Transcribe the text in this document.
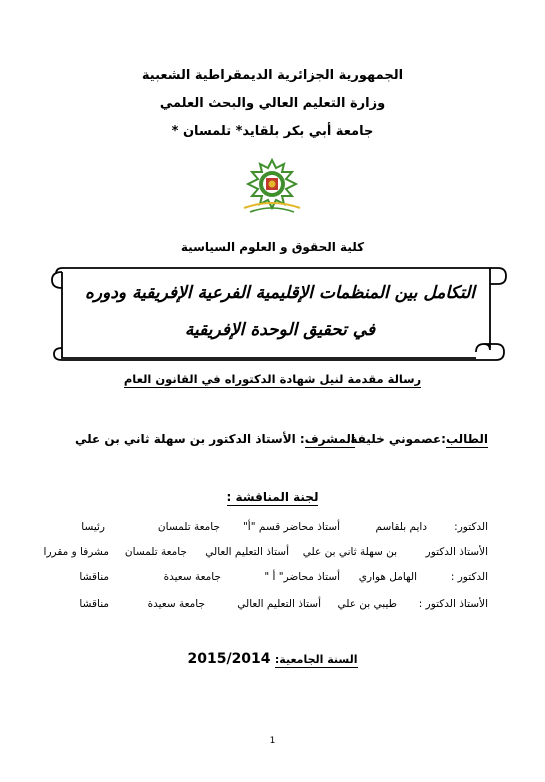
الجمهورية الجزائرية الديمقراطية الشعبية
وزارة التعليم العالي والبحث العلمي
جامعة أبي بكر بلقايد* تلمسان *
كلية الحقوق و العلوم السياسية
التكامل بين المنظمات الإقليمية الفرعية الإفريقية ودوره
في تحقيق الوحدة الإفريقية
رسالة مقدمة لنيل شهادة الدكتوراه في القانون العام
الطالب:عصموني خليفة
المشرف: الأستاذ الدكتور بن سهلة ثاني بن علي
لجنة المناقشة :
الدكتور:
دايم بلقاسم
أستاذ محاضر قسم "أ"
جامعة تلمسان
رئيسا
الأستاذ الدكتور
بن سهلة ثاني بن علي
أستاذ التعليم العالي
جامعة تلمسان
مشرفا و مقررا
الدكتور :
الهامل هواري
أستاذ محاضر" أ "
جامعة سعيدة
مناقشا
الأستاذ الدكتور :
طيبي بن علي
أستاذ التعليم العالي
جامعة سعيدة
مناقشا
السنة الجامعية: 2015/2014
1
